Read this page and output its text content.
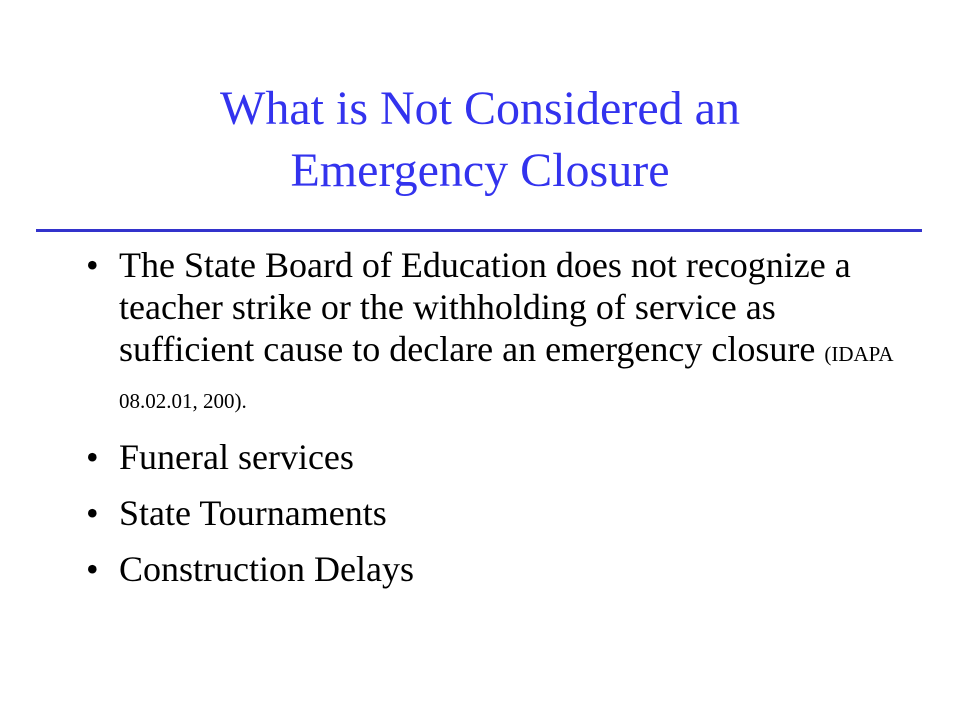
What is Not Considered an
Emergency Closure
• The State Board of Education does not recognize a teacher strike or the withholding of service as sufficient cause to declare an emergency closure (IDAPA 08.02.01, 200).
• Funeral services
• State Tournaments
• Construction Delays
